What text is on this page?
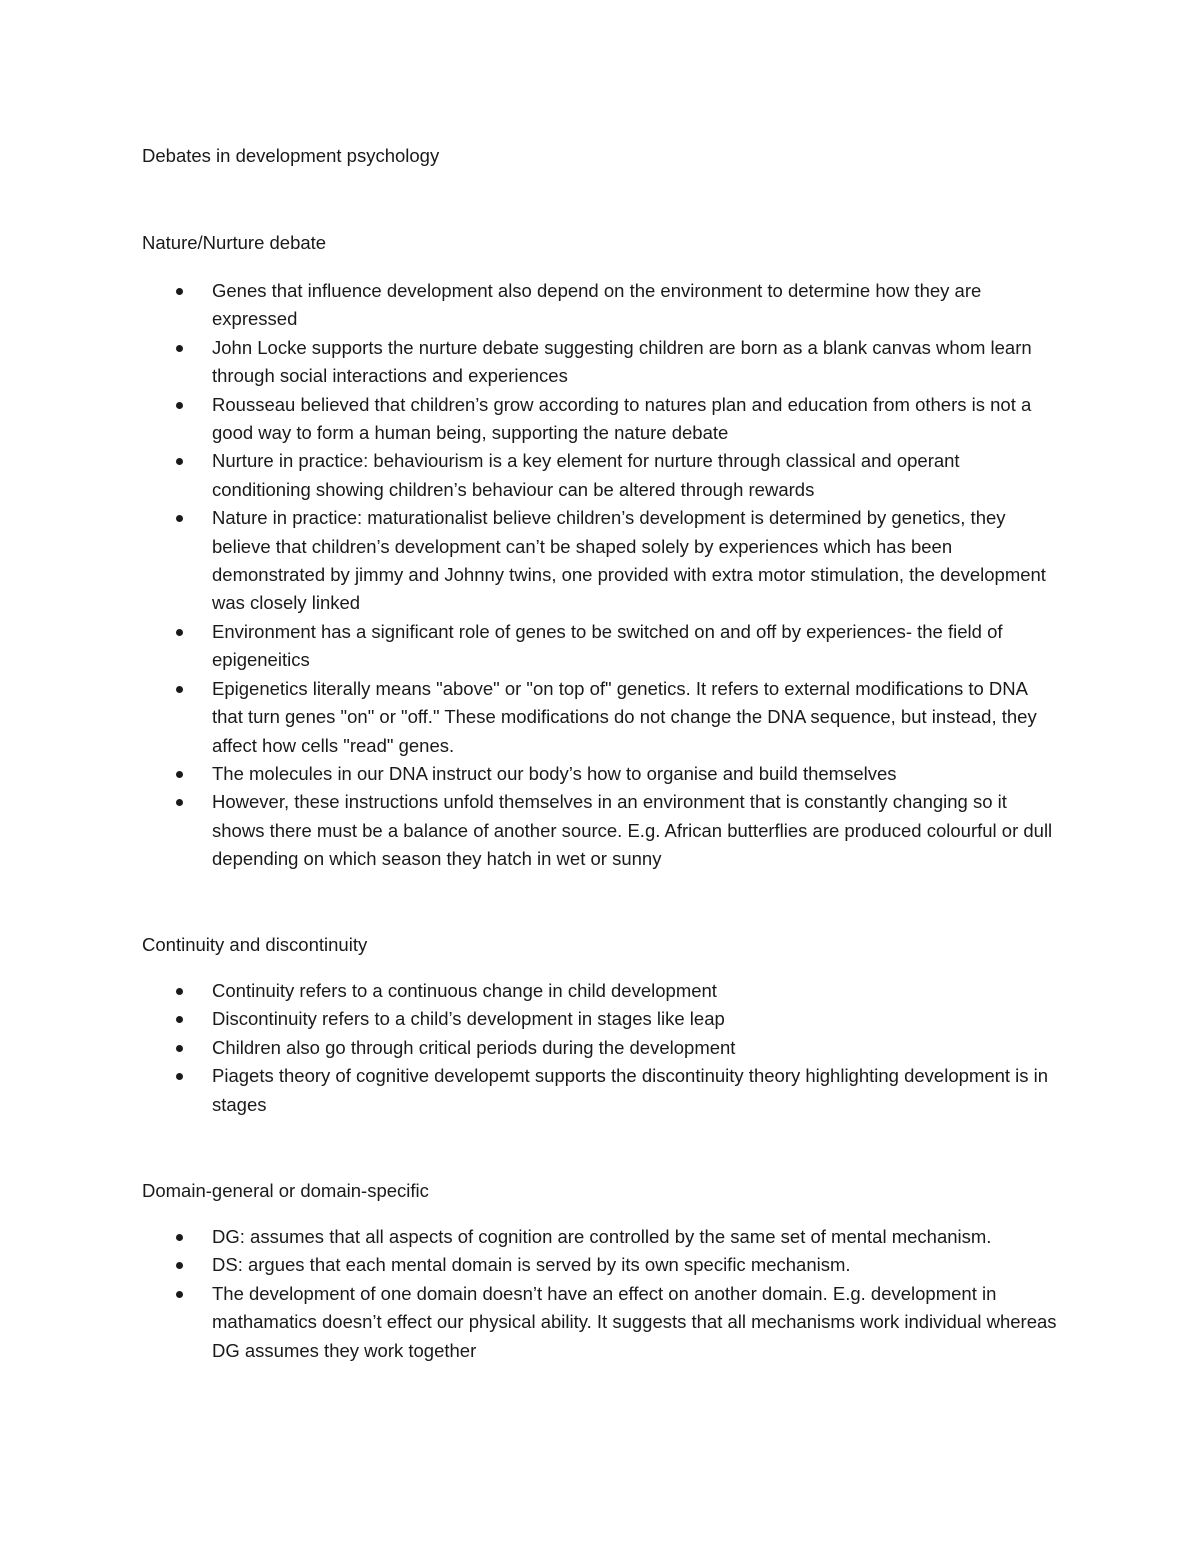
Debates in development psychology
Nature/Nurture debate
Genes that influence development also depend on the environment to determine how they are expressed
John Locke supports the nurture debate suggesting children are born as a blank canvas whom learn through social interactions and experiences
Rousseau believed that children’s grow according to natures plan and education from others is not a good way to form a human being, supporting the nature debate
Nurture in practice: behaviourism is a key element for nurture through classical and operant conditioning showing children’s behaviour can be altered through rewards
Nature in practice: maturationalist believe children’s development is determined by genetics, they believe that children’s development can’t be shaped solely by experiences which has been demonstrated by jimmy and Johnny twins, one provided with extra motor stimulation, the development was closely linked
Environment has a significant role of genes to be switched on and off by experiences- the field of epigeneitics
Epigenetics literally means "above" or "on top of" genetics. It refers to external modifications to DNA that turn genes "on" or "off." These modifications do not change the DNA sequence, but instead, they affect how cells "read" genes.
The molecules in our DNA instruct our body’s how to organise and build themselves
However, these instructions unfold themselves in an environment that is constantly changing so it shows there must be a balance of another source. E.g. African butterflies are produced colourful or dull depending on which season they hatch in wet or sunny
Continuity and discontinuity
Continuity refers to a continuous change in child development
Discontinuity refers to a child’s development in stages like leap
Children also go through critical periods during the development
Piagets theory of cognitive developemt supports the discontinuity theory highlighting development is in stages
Domain-general or domain-specific
DG: assumes that all aspects of cognition are controlled by the same set of mental mechanism.
DS: argues that each mental domain is served by its own specific mechanism.
The development of one domain doesn’t have an effect on another domain. E.g. development in mathamatics doesn’t effect our physical ability. It suggests that all mechanisms work individual whereas DG assumes they work together
